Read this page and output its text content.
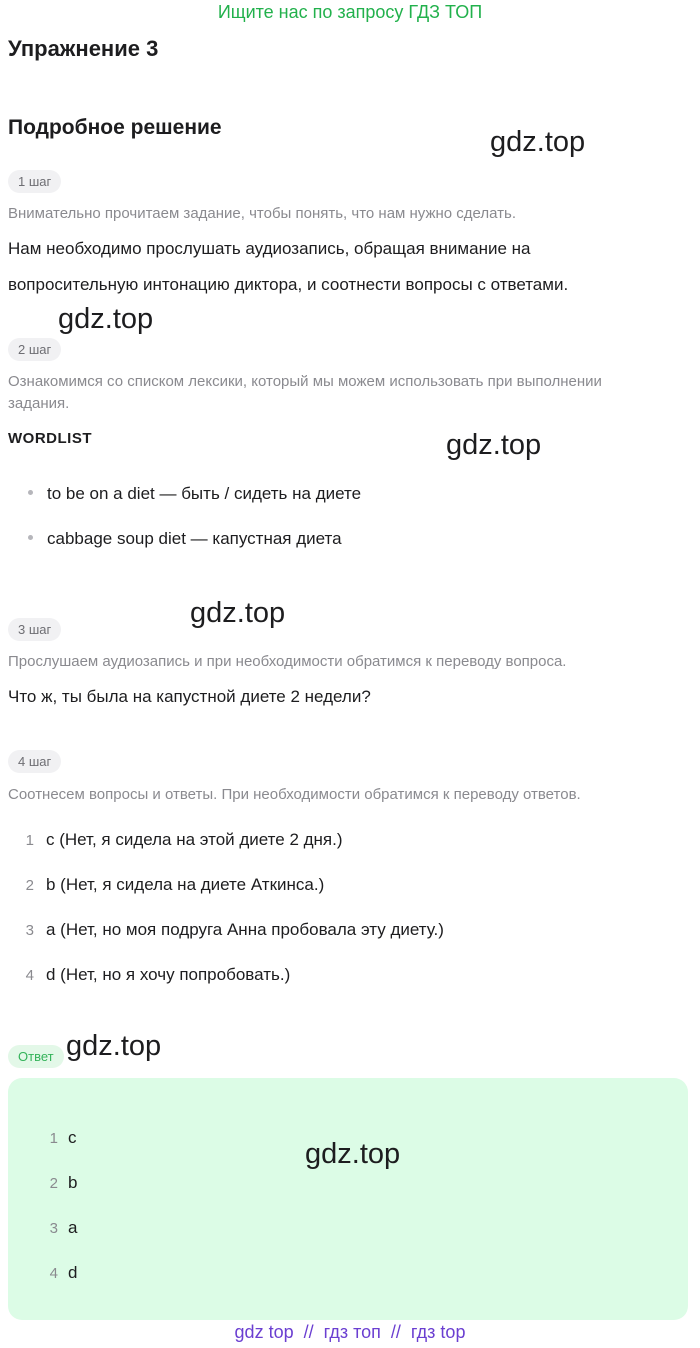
Ищите нас по запросу ГДЗ ТОП
Упражнение 3
Подробное решение	gdz.top
1 шаг
Внимательно прочитаем задание, чтобы понять, что нам нужно сделать.
Нам необходимо прослушать аудиозапись, обращая внимание на
вопросительную интонацию диктора, и соотнести вопросы с ответами.
gdz.top
2 шаг
Ознакомимся со списком лексики, который мы можем использовать при выполнении
задания.
WORDLIST	gdz.top
to be on a diet — быть / сидеть на диете
cabbage soup diet — капустная диета
gdz.top
3 шаг
Прослушаем аудиозапись и при необходимости обратимся к переводу вопроса.
Что ж, ты была на капустной диете 2 недели?
4 шаг
Соотнесем вопросы и ответы. При необходимости обратимся к переводу ответов.
1 c (Нет, я сидела на этой диете 2 дня.)
2 b (Нет, я сидела на диете Аткинса.)
3 a (Нет, но моя подруга Анна пробовала эту диету.)
4 d (Нет, но я хочу попробовать.)
Ответ gdz.top
gdz.top
1 c
2 b
3 a
4 d
gdz top  //  гдз топ  //  гдз top
